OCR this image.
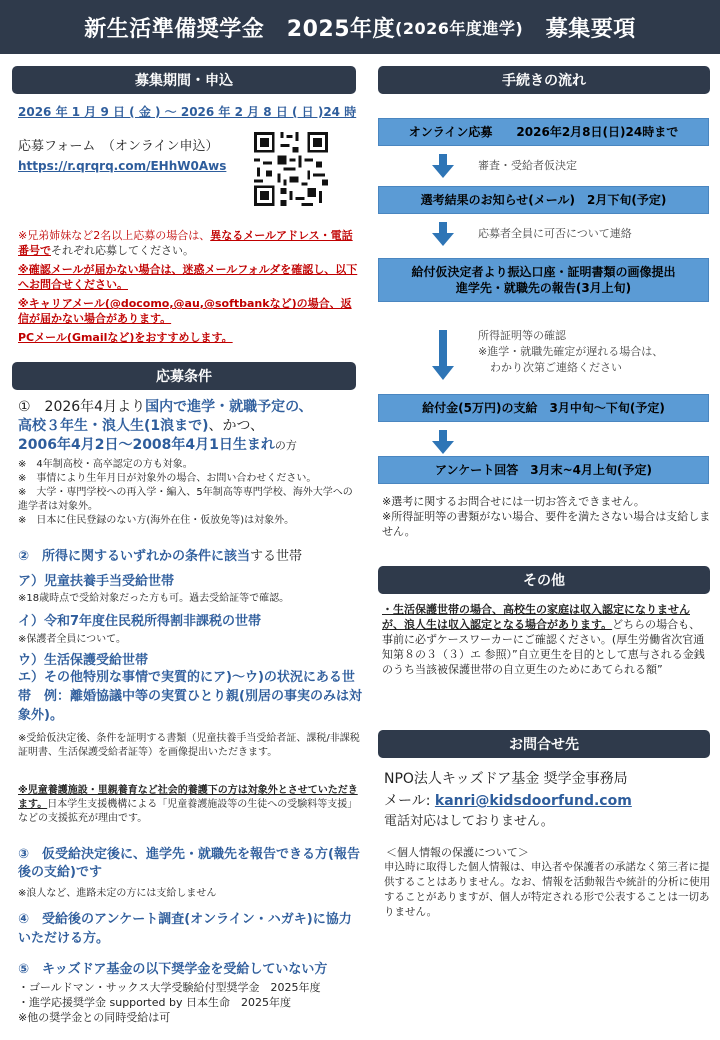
新生活準備奨学金　2025年度 (2026年度進学) 　募集要項
募集期間・申込
2026 年 1 月 9 日 ( 金 ) ～ 2026 年 2 月 8 日 ( 日 )24 時
応募フォーム　（オンライン申込）
https://r.qrqrq.com/EHhW0Aws
※兄弟姉妹など2名以上応募の場合は、異なるメールアドレス・電話番号でそれぞれ応募してください。
※確認メールが届かない場合は、迷惑メールフォルダを確認し、以下へお問合せください。
※キャリアメール(@docomo,@au,@softbankなど)の場合、返信が届かない場合があります。
PCメール(Gmailなど)をおすすめします。
応募条件
①　2026年4月より国内で進学・就職予定の、
高校３年生・浪人生(1浪まで)、かつ、
2006年4月2日～2008年4月1日生まれの方
※　4年制高校・高卒認定の方も対象。
※　事情により生年月日が対象外の場合、お問い合わせください。
※　大学・専門学校への再入学・編入、5年制高等専門学校、海外大学への進学者は対象外。
※　日本に住民登録のない方(海外在住・仮放免等)は対象外。
②　所得に関するいずれかの条件に該当する世帯
ア）児童扶養手当受給世帯
※18歳時点で受給対象だった方も可。過去受給証等で確認。
イ）令和7年度住民税所得割非課税の世帯
※保護者全員について。
ウ）生活保護受給世帯
エ）その他特別な事情で実質的にア)～ウ)の状況にある世帯　例：離婚協議中等の実質ひとり親(別居の事実のみは対象外)。
※受給仮決定後、条件を証明する書類（児童扶養手当受給者証、課税/非課税証明書、生活保護受給者証等）を画像提出いただきます。
※児童養護施設・里親養育など社会的養護下の方は対象外とさせていただきます。日本学生支援機構による「児童養護施設等の生徒への受験料等支援」などの支援拡充が理由です。
③　仮受給決定後に、進学先・就職先を報告できる方(報告後の支給)です
※浪人など、進路未定の方には支給しません
④　受給後のアンケート調査(オンライン・ハガキ)に協力いただける方。
⑤　キッズドア基金の以下奨学金を受給していない方
・ゴールドマン・サックス大学受験給付型奨学金　2025年度
・進学応援奨学金 supported by 日本生命　2025年度
※他の奨学金との同時受給は可
手続きの流れ
オンライン応募　　2026年2月8日(日)24時まで
審査・受給者仮決定
選考結果のお知らせ(メール)　2月下旬(予定)
応募者全員に可否について連絡
給付仮決定者より振込口座・証明書類の画像提出
進学先・就職先の報告(3月上旬)
所得証明等の確認
※進学・就職先確定が遅れる場合は、
わかり次第ご連絡ください
給付金(5万円)の支給　3月中旬～下旬(予定)
アンケート回答　3月末~4月上旬(予定)
※選考に関するお問合せには一切お答えできません。
※所得証明等の書類がない場合、要件を満たさない場合は支給しません。
その他
・生活保護世帯の場合、高校生の家庭は収入認定になりませんが、浪人生は収入認定となる場合があります。どちらの場合も、事前に必ずケースワーカーにご確認ください。(厚生労働省次官通知第８の３（３）エ 参照）”自立更生を目的として恵与される金銭のうち当該被保護世帯の自立更生のためにあてられる額”
お問合せ先
NPO法人キッズドア基金 奨学金事務局
メール: kanri@kidsdoorfund.com
電話対応はしておりません。
＜個人情報の保護について＞
申込時に取得した個人情報は、申込者や保護者の承諾なく第三者に提供することはありません。なお、情報を活動報告や統計的分析に使用することがありますが、個人が特定される形で公表することは一切ありません。
